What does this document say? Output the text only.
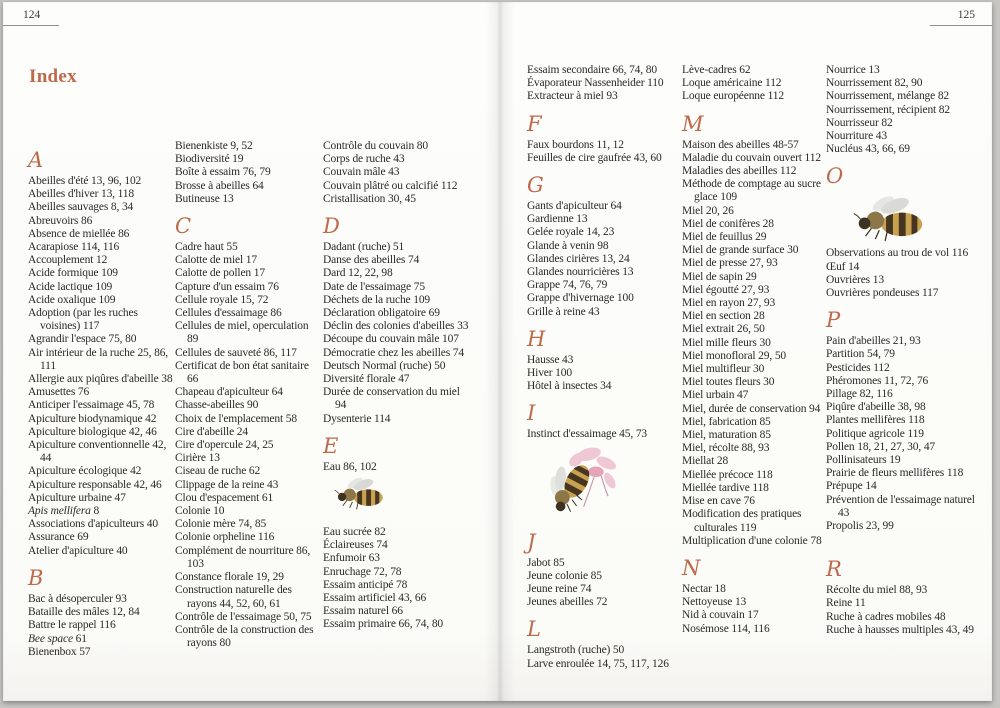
124	125
Index
A
Abeilles d'été 13, 96, 102
Abeilles d'hiver 13, 118
Abeilles sauvages 8, 34
Abreuvoirs 86
Absence de miellée 86
Acarapiose 114, 116
Accouplement 12
Acide formique 109
Acide lactique 109
Acide oxalique 109
Adoption (par les ruches voisines) 117
Agrandir l'espace 75, 80
Air intérieur de la ruche 25, 86, 111
Allergie aux piqûres d'abeille 38
Amusettes 76
Anticiper l'essaimage 45, 78
Apiculture biodynamique 42
Apiculture biologique 42, 46
Apiculture conventionnelle 42, 44
Apiculture écologique 42
Apiculture responsable 42, 46
Apiculture urbaine 47
Apis mellifera 8
Associations d'apiculteurs 40
Assurance 69
Atelier d'apiculture 40
B
Bac à désoperculer 93
Bataille des mâles 12, 84
Battre le rappel 116
Bee space 61
Bienenbox 57
Bienenkiste 9, 52
Biodiversité 19
Boîte à essaim 76, 79
Brosse à abeilles 64
Butineuse 13
C
Cadre haut 55
Calotte de miel 17
Calotte de pollen 17
Capture d'un essaim 76
Cellule royale 15, 72
Cellules d'essaimage 86
Cellules de miel, operculation 89
Cellules de sauveté 86, 117
Certificat de bon état sanitaire 66
Chapeau d'apiculteur 64
Chasse-abeilles 90
Choix de l'emplacement 58
Cire d'abeille 24
Cire d'opercule 24, 25
Cirière 13
Ciseau de ruche 62
Clippage de la reine 43
Clou d'espacement 61
Colonie 10
Colonie mère 74, 85
Colonie orpheline 116
Complément de nourriture 86, 103
Constance florale 19, 29
Construction naturelle des rayons 44, 52, 60, 61
Contrôle de l'essaimage 50, 75
Contrôle de la construction des rayons 80
Contrôle du couvain 80
Corps de ruche 43
Couvain mâle 43
Couvain plâtré ou calcifié 112
Cristallisation 30, 45
D
Dadant (ruche) 51
Danse des abeilles 74
Dard 12, 22, 98
Date de l'essaimage 75
Déchets de la ruche 109
Déclaration obligatoire 69
Déclin des colonies d'abeilles 33
Découpe du couvain mâle 107
Démocratie chez les abeilles 74
Deutsch Normal (ruche) 50
Diversité florale 47
Durée de conservation du miel 94
Dysenterie 114
E
Eau 86, 102
Eau sucrée 82
Éclaireuses 74
Enfumoir 63
Enruchage 72, 78
Essaim anticipé 78
Essaim artificiel 43, 66
Essaim naturel 66
Essaim primaire 66, 74, 80
Essaim secondaire 66, 74, 80
Évaporateur Nassenheider 110
Extracteur à miel 93
F
Faux bourdons 11, 12
Feuilles de cire gaufrée 43, 60
G
Gants d'apiculteur 64
Gardienne 13
Gelée royale 14, 23
Glande à venin 98
Glandes cirières 13, 24
Glandes nourricières 13
Grappe 74, 76, 79
Grappe d'hivernage 100
Grille à reine 43
H
Hausse 43
Hiver 100
Hôtel à insectes 34
I
Instinct d'essaimage 45, 73
J
Jabot 85
Jeune colonie 85
Jeune reine 74
Jeunes abeilles 72
L
Langstroth (ruche) 50
Larve enroulée 14, 75, 117, 126
Lève-cadres 62
Loque américaine 112
Loque européenne 112
M
Maison des abeilles 48-57
Maladie du couvain ouvert 112
Maladies des abeilles 112
Méthode de comptage au sucre glace 109
Miel 20, 26
Miel de conifères 28
Miel de feuillus 29
Miel de grande surface 30
Miel de presse 27, 93
Miel de sapin 29
Miel égoutté 27, 93
Miel en rayon 27, 93
Miel en section 28
Miel extrait 26, 50
Miel mille fleurs 30
Miel monofloral 29, 50
Miel multifleur 30
Miel toutes fleurs 30
Miel urbain 47
Miel, durée de conservation 94
Miel, fabrication 85
Miel, maturation 85
Miel, récolte 88, 93
Miellat 28
Miellée précoce 118
Miellée tardive 118
Mise en cave 76
Modification des pratiques culturales 119
Multiplication d'une colonie 78
N
Nectar 18
Nettoyeuse 13
Nid à couvain 17
Nosémose 114, 116
Nourrice 13
Nourrissement 82, 90
Nourrissement, mélange 82
Nourrissement, récipient 82
Nourrisseur 82
Nourriture 43
Nucléus 43, 66, 69
O
Observations au trou de vol 116
Œuf 14
Ouvrières 13
Ouvrières pondeuses 117
P
Pain d'abeilles 21, 93
Partition 54, 79
Pesticides 112
Phéromones 11, 72, 76
Pillage 82, 116
Piqûre d'abeille 38, 98
Plantes mellifères 118
Politique agricole 119
Pollen 18, 21, 27, 30, 47
Pollinisateurs 19
Prairie de fleurs mellifères 118
Prépupe 14
Prévention de l'essaimage naturel 43
Propolis 23, 99
R
Récolte du miel 88, 93
Reine 11
Ruche à cadres mobiles 48
Ruche à hausses multiples 43, 49
